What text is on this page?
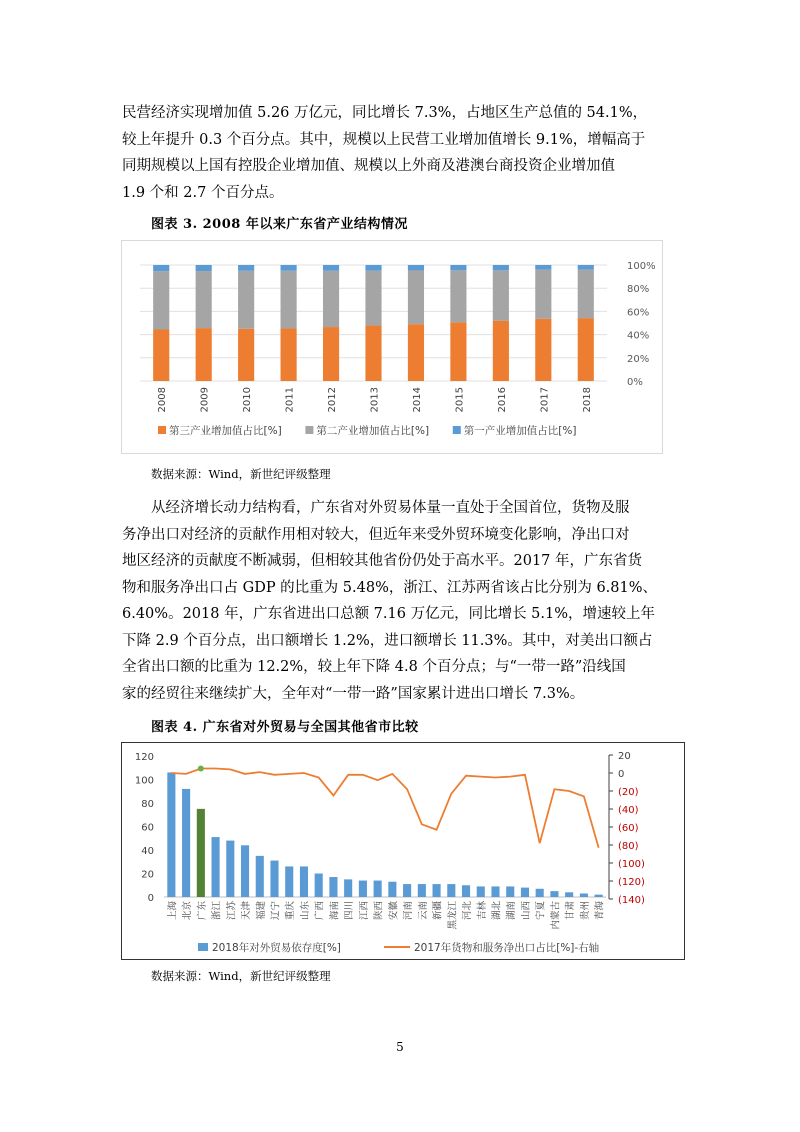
民营经济实现增加值 5.26 万亿元，同比增长 7.3%，占地区生产总值的 54.1%，
较上年提升 0.3 个百分点。其中，规模以上民营工业增加值增长 9.1%，增幅高于
同期规模以上国有控股企业增加值、规模以上外商及港澳台商投资企业增加值
1.9 个和 2.7 个百分点。
图表 3. 2008 年以来广东省产业结构情况
100%
80%
60%
40%
20%
0%
2008	2009	2010	2011	2012	2013	2014	2015	2016	2017	2018
第三产业增加值占比[%]	第二产业增加值占比[%]	第一产业增加值占比[%]
数据来源：Wind，新世纪评级整理
从经济增长动力结构看，广东省对外贸易体量一直处于全国首位，货物及服
务净出口对经济的贡献作用相对较大，但近年来受外贸环境变化影响，净出口对
地区经济的贡献度不断减弱，但相较其他省份仍处于高水平。2017 年，广东省货
物和服务净出口占 GDP 的比重为 5.48%，浙江、江苏两省该占比分别为 6.81%、
6.40%。2018 年，广东省进出口总额 7.16 万亿元，同比增长 5.1%，增速较上年
下降 2.9 个百分点，出口额增长 1.2%，进口额增长 11.3%。其中，对美出口额占
全省出口额的比重为 12.2%，较上年下降 4.8 个百分点；与“一带一路”沿线国
家的经贸往来继续扩大，全年对“一带一路”国家累计进出口增长 7.3%。
图表 4. 广东省对外贸易与全国其他省市比较
120
100
80
60
40
20
0
20
0
(20)
(40)
(60)
(80)
(100)
(120)
(140)
上海 北京 广东 浙江 江苏 天津 福建 辽宁 重庆 山东 广西 海南 四川 江西 陕西 安徽 河南 云南 新疆 黑龙江 河北 吉林 湖北 湖南 山西 宁夏 内蒙古 甘肃 贵州 青海
2018年对外贸易依存度[%]	2017年货物和服务净出口占比[%]-右轴
数据来源：Wind，新世纪评级整理
5
